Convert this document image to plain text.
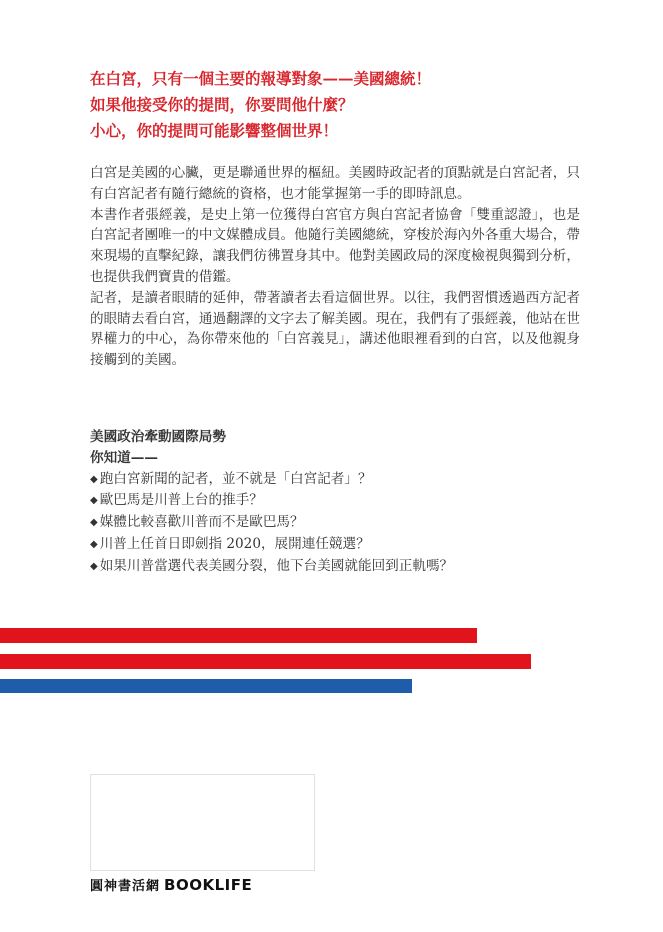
在白宮，只有一個主要的報導對象——美國總統！
如果他接受你的提問，你要問他什麼？
小心，你的提問可能影響整個世界！

白宮是美國的心臟，更是聯通世界的樞紐。美國時政記者的頂點就是白宮記者，只有白宮記者有隨行總統的資格，也才能掌握第一手的即時訊息。

本書作者張經義，是史上第一位獲得白宮官方與白宮記者協會「雙重認證」，也是白宮記者團唯一的中文媒體成員。他隨行美國總統，穿梭於海內外各重大場合，帶來現場的直擊紀錄，讓我們彷彿置身其中。他對美國政局的深度檢視與獨到分析，也提供我們寶貴的借鑑。

記者，是讀者眼睛的延伸，帶著讀者去看這個世界。以往，我們習慣透過西方記者的眼睛去看白宮，通過翻譯的文字去了解美國。現在，我們有了張經義，他站在世界權力的中心，為你帶來他的「白宮義見」，講述他眼裡看到的白宮，以及他親身接觸到的美國。

美國政治牽動國際局勢
你知道——
◆ 跑白宮新聞的記者，並不就是「白宮記者」？
◆ 歐巴馬是川普上台的推手？
◆ 媒體比較喜歡川普而不是歐巴馬？
◆ 川普上任首日即劍指 2020，展開連任競選？
◆ 如果川普當選代表美國分裂，他下台美國就能回到正軌嗎？
圓神書活網 BOOKLIFE
